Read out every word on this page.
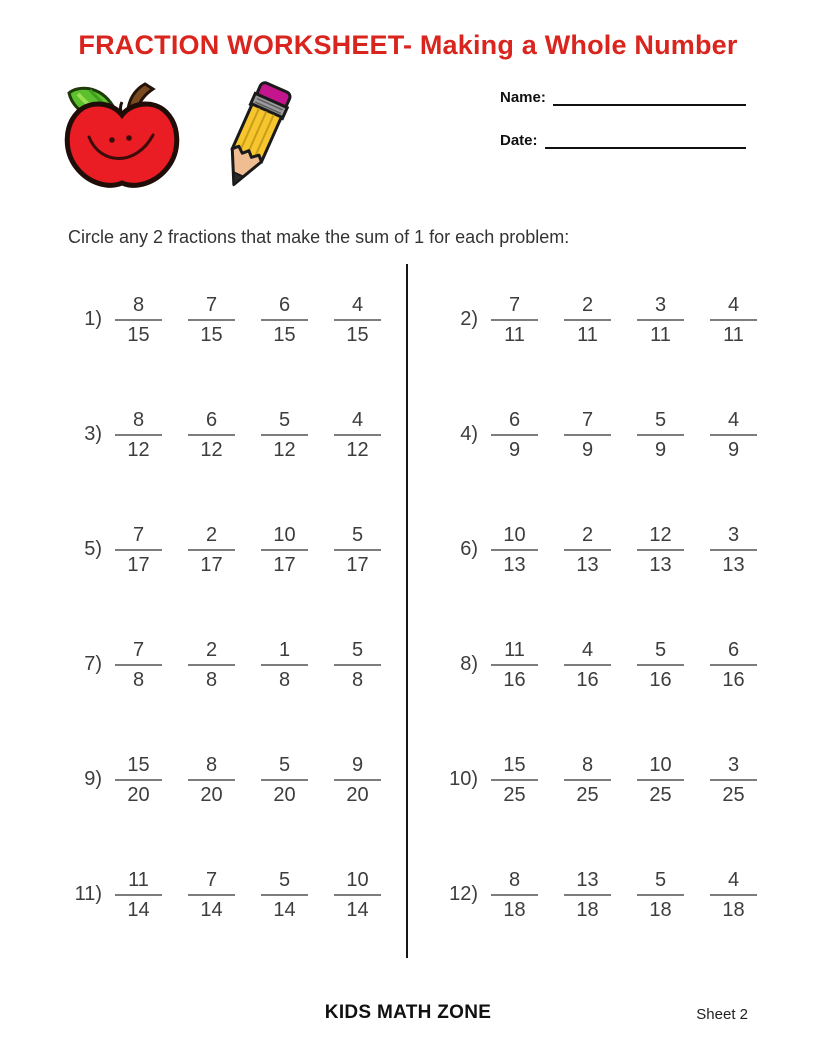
FRACTION WORKSHEET- Making a Whole Number
Name:
Date:
Circle any 2 fractions that make the sum of 1 for each problem:
$1) \frac{8}{15} \frac{7}{15} \frac{6}{15} \frac{4}{15}$	$2) \frac{7}{11} \frac{2}{11} \frac{3}{11} \frac{4}{11}$
$3) \frac{8}{12} \frac{6}{12} \frac{5}{12} \frac{4}{12}$	$4) \frac{6}{9} \frac{7}{9} \frac{5}{9} \frac{4}{9}$
$5) \frac{7}{17} \frac{2}{17} \frac{10}{17} \frac{5}{17}$	$6) \frac{10}{13} \frac{2}{13} \frac{12}{13} \frac{3}{13}$
$7) \frac{7}{8} \frac{2}{8} \frac{1}{8} \frac{5}{8}$	$8) \frac{11}{16} \frac{4}{16} \frac{5}{16} \frac{6}{16}$
$9) \frac{15}{20} \frac{8}{20} \frac{5}{20} \frac{9}{20}$	$10) \frac{15}{25} \frac{8}{25} \frac{10}{25} \frac{3}{25}$
$11) \frac{11}{14} \frac{7}{14} \frac{5}{14} \frac{10}{14}$	$12) \frac{8}{18} \frac{13}{18} \frac{5}{18} \frac{4}{18}$
KIDS MATH ZONE	Sheet 2
